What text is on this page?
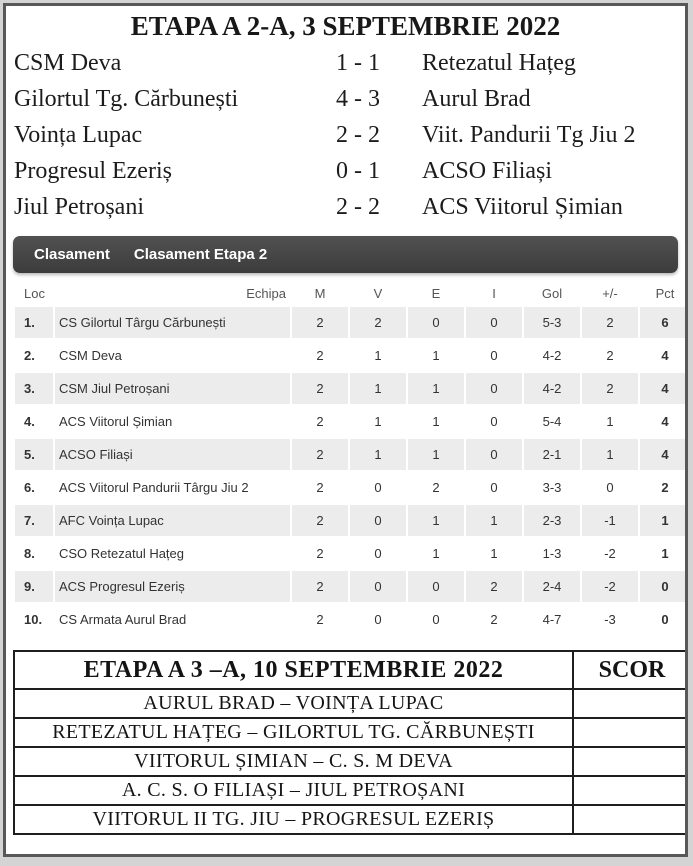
ETAPA A 2-A, 3 SEPTEMBRIE 2022
CSM Deva	1 - 1	Retezatul Hațeg
Gilortul Tg. Cărbunești	4 - 3	Aurul Brad
Voința Lupac	2 - 2	Viit. Pandurii Tg Jiu 2
Progresul Ezeriș	0 - 1	ACSO Filiași
Jiul Petroșani	2 - 2	ACS Viitorul Șimian
Clasament	Clasament Etapa 2
Loc	Echipa	M	V	E	I	Gol	+/-	Pct
1.	CS Gilortul Târgu Cărbunești	2	2	0	0	5-3	2	6
2.	CSM Deva	2	1	1	0	4-2	2	4
3.	CSM Jiul Petroșani	2	1	1	0	4-2	2	4
4.	ACS Viitorul Șimian	2	1	1	0	5-4	1	4
5.	ACSO Filiași	2	1	1	0	2-1	1	4
6.	ACS Viitorul Pandurii Târgu Jiu 2	2	0	2	0	3-3	0	2
7.	AFC Voința Lupac	2	0	1	1	2-3	-1	1
8.	CSO Retezatul Hațeg	2	0	1	1	1-3	-2	1
9.	ACS Progresul Ezeriș	2	0	0	2	2-4	-2	0
10.	CS Armata Aurul Brad	2	0	0	2	4-7	-3	0
ETAPA A 3 –A, 10 SEPTEMBRIE 2022	SCOR
AURUL BRAD – VOINȚA LUPAC	
RETEZATUL HAȚEG – GILORTUL TG. CĂRBUNEȘTI	
VIITORUL ȘIMIAN – C. S. M DEVA	
A. C. S. O FILIAȘI – JIUL PETROȘANI	
VIITORUL II TG. JIU – PROGRESUL EZERIȘ	
